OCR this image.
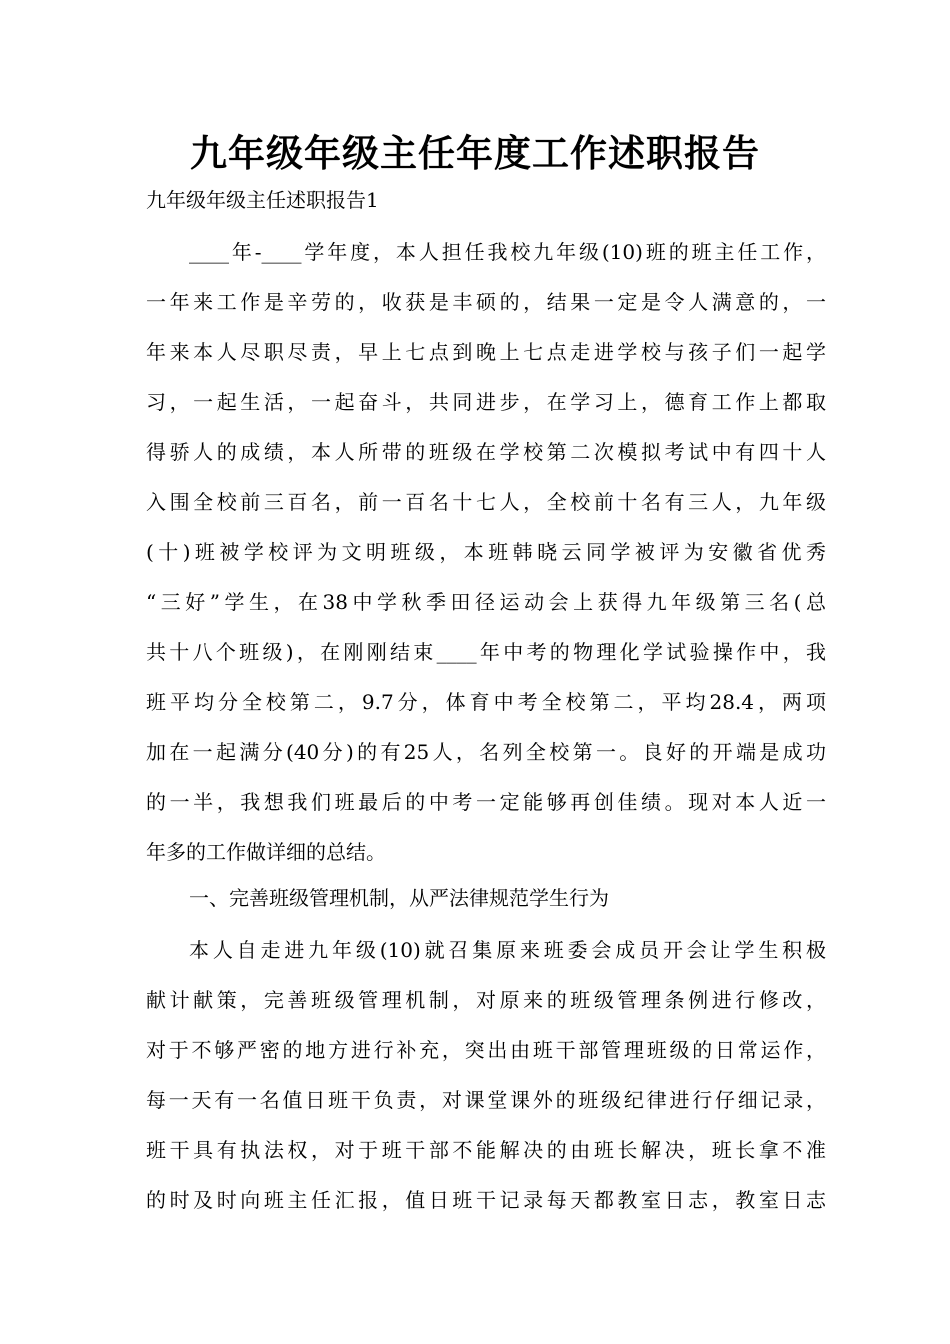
九年级年级主任年度工作述职报告
九年级年级主任述职报告1
____年-____学年度，本人担任我校九年级(10)班的班主任工作，
一年来工作是辛劳的，收获是丰硕的，结果一定是令人满意的，一
年来本人尽职尽责，早上七点到晚上七点走进学校与孩子们一起学
习，一起生活，一起奋斗，共同进步，在学习上，德育工作上都取
得骄人的成绩，本人所带的班级在学校第二次模拟考试中有四十人
入围全校前三百名，前一百名十七人，全校前十名有三人，九年级
(十)班被学校评为文明班级，本班韩晓云同学被评为安徽省优秀
“三好”学生，在38中学秋季田径运动会上获得九年级第三名(总
共十八个班级)，在刚刚结束____年中考的物理化学试验操作中，我
班平均分全校第二，9.7分，体育中考全校第二，平均28.4，两项
加在一起满分(40分)的有25人，名列全校第一。良好的开端是成功
的一半，我想我们班最后的中考一定能够再创佳绩。现对本人近一
年多的工作做详细的总结。
一、完善班级管理机制，从严法律规范学生行为
本人自走进九年级(10)就召集原来班委会成员开会让学生积极
献计献策，完善班级管理机制，对原来的班级管理条例进行修改，
对于不够严密的地方进行补充，突出由班干部管理班级的日常运作，
每一天有一名值日班干负责，对课堂课外的班级纪律进行仔细记录，
班干具有执法权，对于班干部不能解决的由班长解决，班长拿不准
的时及时向班主任汇报，值日班干记录每天都教室日志，教室日志
